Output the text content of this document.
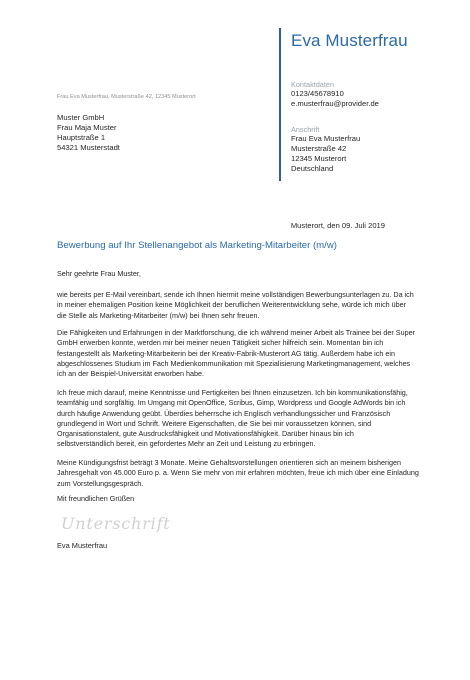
Eva Musterfrau
Kontaktdaten
0123/45678910
e.musterfrau@provider.de
Anschrift
Frau Eva Musterfrau
Musterstraße 42
12345 Musterort
Deutschland
Frau Eva Musterfrau, Musterstraße 42, 12345 Musterort
Muster GmbH
Frau Maja Muster
Hauptstraße 1
54321 Musterstadt
Musterort, den 09. Juli 2019
Bewerbung auf Ihr Stellenangebot als Marketing-Mitarbeiter (m/w)
Sehr geehrte Frau Muster,
wie bereits per E-Mail vereinbart, sende ich Ihnen hiermit meine vollständigen Bewerbungsunterlagen zu. Da ich
in meiner ehemaligen Position keine Möglichkeit der beruflichen Weiterentwicklung sehe, würde ich mich über
die Stelle als Marketing-Mitarbeiter (m/w) bei Ihnen sehr freuen.
Die Fähigkeiten und Erfahrungen in der Marktforschung, die ich während meiner Arbeit als Trainee bei der Super
GmbH erwerben konnte, werden mir bei meiner neuen Tätigkeit sicher hilfreich sein. Momentan bin ich
festangestellt als Marketing-Mitarbeiterin bei der Kreativ-Fabrik-Musterort AG tätig. Außerdem habe ich ein
abgeschlossenes Studium im Fach Medienkommunikation mit Spezialisierung Marketingmanagement, welches
ich an der Beispiel-Universität erworben habe.
Ich freue mich darauf, meine Kenntnisse und Fertigkeiten bei Ihnen einzusetzen. Ich bin kommunikationsfähig,
teamfähig und sorgfältig. Im Umgang mit OpenOffice, Scribus, Gimp, Wordpress und Google AdWords bin ich
durch häufige Anwendung geübt. Überdies beherrsche ich Englisch verhandlungssicher und Französisch
grundlegend in Wort und Schrift. Weitere Eigenschaften, die Sie bei mir voraussetzen können, sind
Organisationstalent, gute Ausdrucksfähigkeit und Motivationsfähigkeit. Darüber hinaus bin ich
selbstverständlich bereit, ein gefordertes Mehr an Zeit und Leistung zu erbringen.
Meine Kündigungsfrist beträgt 3 Monate. Meine Gehaltsvorstellungen orientieren sich an meinem bisherigen
Jahresgehalt von 45.000 Euro p. a. Wenn Sie mehr von mir erfahren möchten, freue ich mich über eine Einladung
zum Vorstellungsgespräch.
Mit freundlichen Grüßen
Unterschrift
Eva Musterfrau
